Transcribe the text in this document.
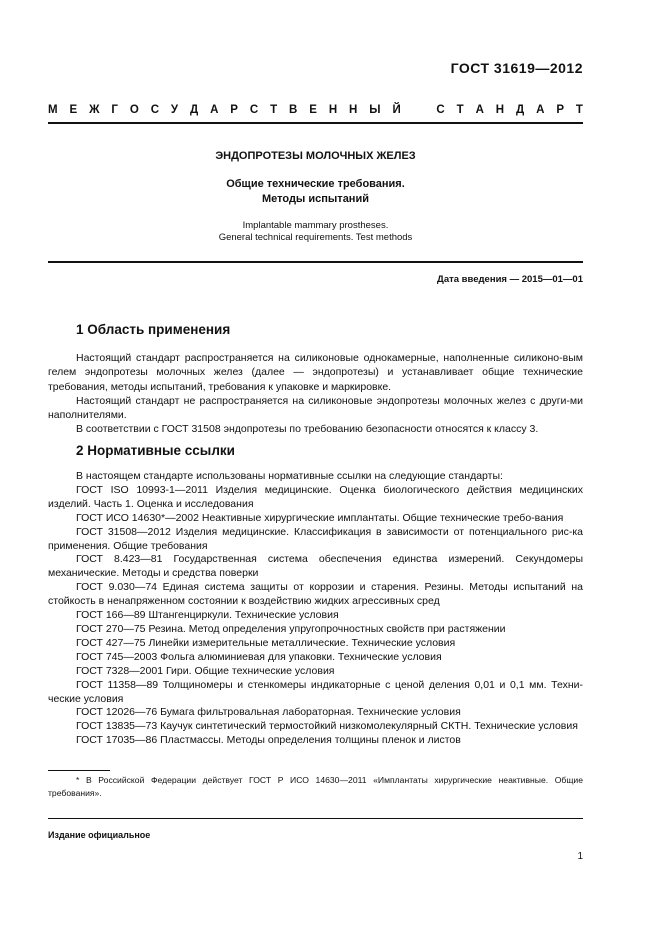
ГОСТ 31619—2012
М Е Ж Г О С У Д А Р С Т В Е Н Н Ы Й	С Т А Н Д А Р Т
ЭНДОПРОТЕЗЫ МОЛОЧНЫХ ЖЕЛЕЗ
Общие технические требования.
Методы испытаний
Implantable mammary prostheses.
General technical requirements. Test methods
Дата введения — 2015—01—01
1 Область применения

Настоящий стандарт распространяется на силиконовые однокамерные, наполненные силиконо-вым гелем эндопротезы молочных желез (далее — эндопротезы) и устанавливает общие технические требования, методы испытаний, требования к упаковке и маркировке.

Настоящий стандарт не распространяется на силиконовые эндопротезы молочных желез с други-ми наполнителями.

В соответствии с ГОСТ 31508 эндопротезы по требованию безопасности относятся к классу 3.

2 Нормативные ссылки

В настоящем стандарте использованы нормативные ссылки на следующие стандарты:

ГОСТ ISO 10993-1—2011 Изделия медицинские. Оценка биологического действия медицинских изделий. Часть 1. Оценка и исследования

ГОСТ ИСО 14630*—2002 Неактивные хирургические имплантаты. Общие технические требо-вания

ГОСТ 31508—2012 Изделия медицинские. Классификация в зависимости от потенциального рис-ка применения. Общие требования

ГОСТ 8.423—81 Государственная система обеспечения единства измерений. Секундомеры механические. Методы и средства поверки

ГОСТ 9.030—74 Единая система защиты от коррозии и старения. Резины. Методы испытаний на стойкость в ненапряженном состоянии к воздействию жидких агрессивных сред

ГОСТ 166—89 Штангенциркули. Технические условия

ГОСТ 270—75 Резина. Метод определения упругопрочностных свойств при растяжении

ГОСТ 427—75 Линейки измерительные металлические. Технические условия

ГОСТ 745—2003 Фольга алюминиевая для упаковки. Технические условия

ГОСТ 7328—2001 Гири. Общие технические условия

ГОСТ 11358—89 Толщиномеры и стенкомеры индикаторные с ценой деления 0,01 и 0,1 мм. Техни-ческие условия

ГОСТ 12026—76 Бумага фильтровальная лабораторная. Технические условия

ГОСТ 13835—73 Каучук синтетический термостойкий низкомолекулярный СКТН. Технические условия

ГОСТ 17035—86 Пластмассы. Методы определения толщины пленок и листов

* В Российской Федерации действует ГОСТ Р ИСО 14630—2011 «Имплантаты хирургические неактивные. Общие требования».

Издание официальное
1
